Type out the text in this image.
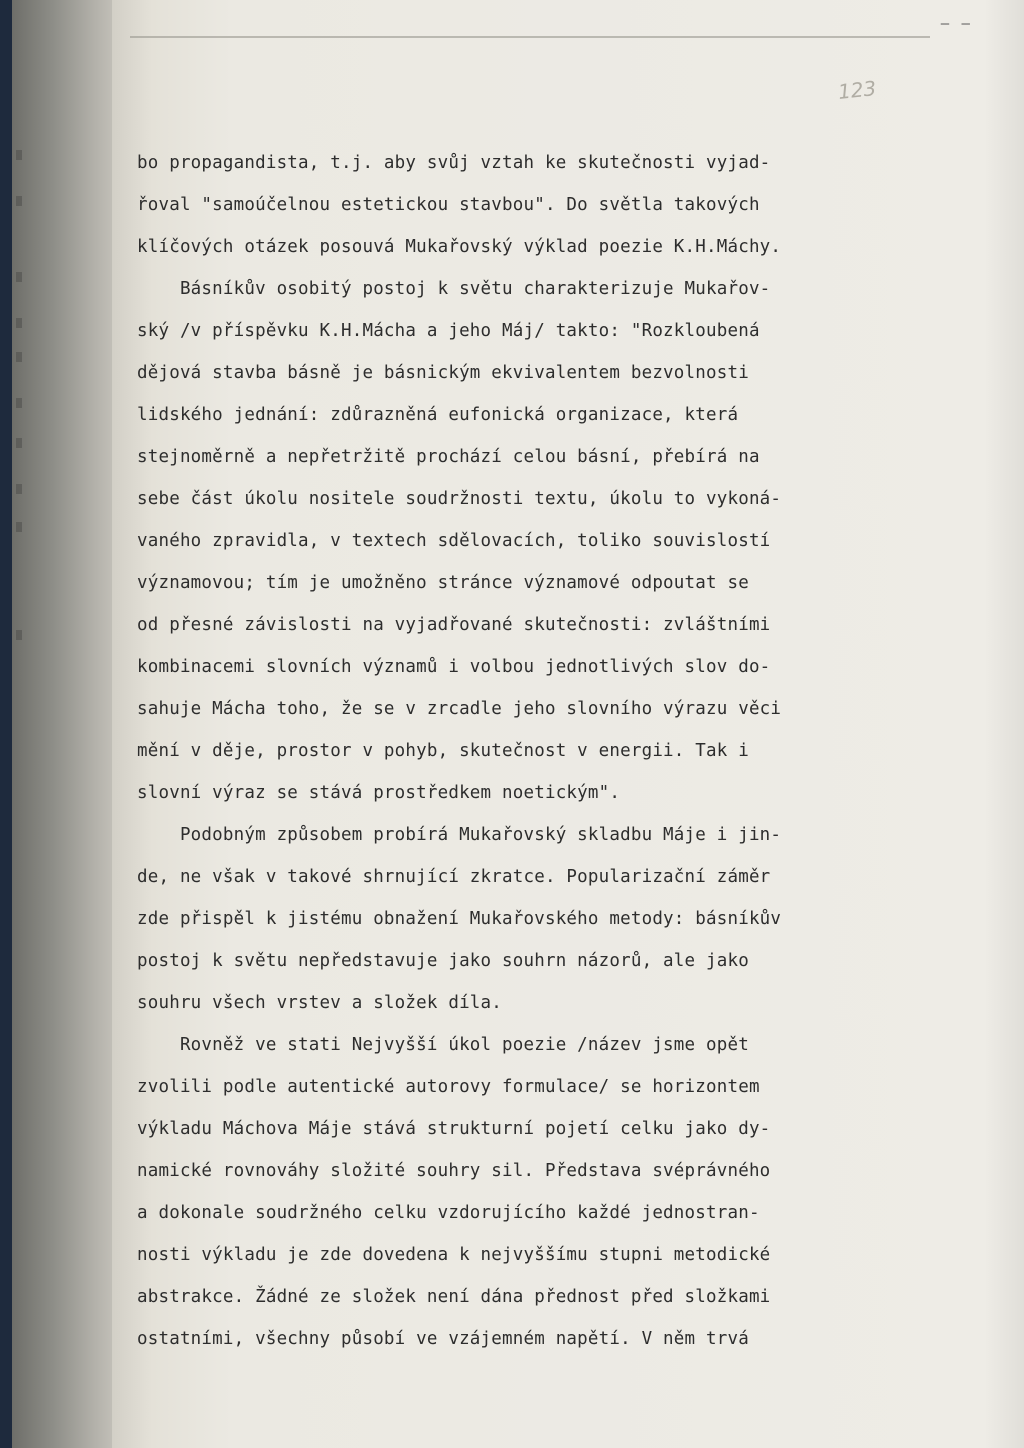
— —
123
bo propagandista, t.j. aby svůj vztah ke skutečnosti vyjad-
řoval "samoúčelnou estetickou stavbou". Do světla takových
klíčových otázek posouvá Mukařovský výklad poezie K.H.Máchy.
Básníkův osobitý postoj k světu charakterizuje Mukařov-
ský /v příspěvku K.H.Mácha a jeho Máj/ takto: "Rozkloubená
dějová stavba básně je básnickým ekvivalentem bezvolnosti
lidského jednání: zdůrazněná eufonická organizace, která
stejnoměrně a nepřetržitě prochází celou básní, přebírá na
sebe část úkolu nositele soudržnosti textu, úkolu to vykoná-
vaného zpravidla, v textech sdělovacích, toliko souvislostí
významovou; tím je umožněno stránce významové odpoutat se
od přesné závislosti na vyjadřované skutečnosti: zvláštními
kombinacemi slovních významů i volbou jednotlivých slov do-
sahuje Mácha toho, že se v zrcadle jeho slovního výrazu věci
mění v děje, prostor v pohyb, skutečnost v energii. Tak i
slovní výraz se stává prostředkem noetickým".
Podobným způsobem probírá Mukařovský skladbu Máje i jin-
de, ne však v takové shrnující zkratce. Popularizační záměr
zde přispěl k jistému obnažení Mukařovského metody: básníkův
postoj k světu nepředstavuje jako souhrn názorů, ale jako
souhru všech vrstev a složek díla.
Rovněž ve stati Nejvyšší úkol poezie /název jsme opět
zvolili podle autentické autorovy formulace/ se horizontem
výkladu Máchova Máje stává strukturní pojetí celku jako dy-
namické rovnováhy složité souhry sil. Představa svéprávného
a dokonale soudržného celku vzdorujícího každé jednostran-
nosti výkladu je zde dovedena k nejvyššímu stupni metodické
abstrakce. Žádné ze složek není dána přednost před složkami
ostatními, všechny působí ve vzájemném napětí. V něm trvá
